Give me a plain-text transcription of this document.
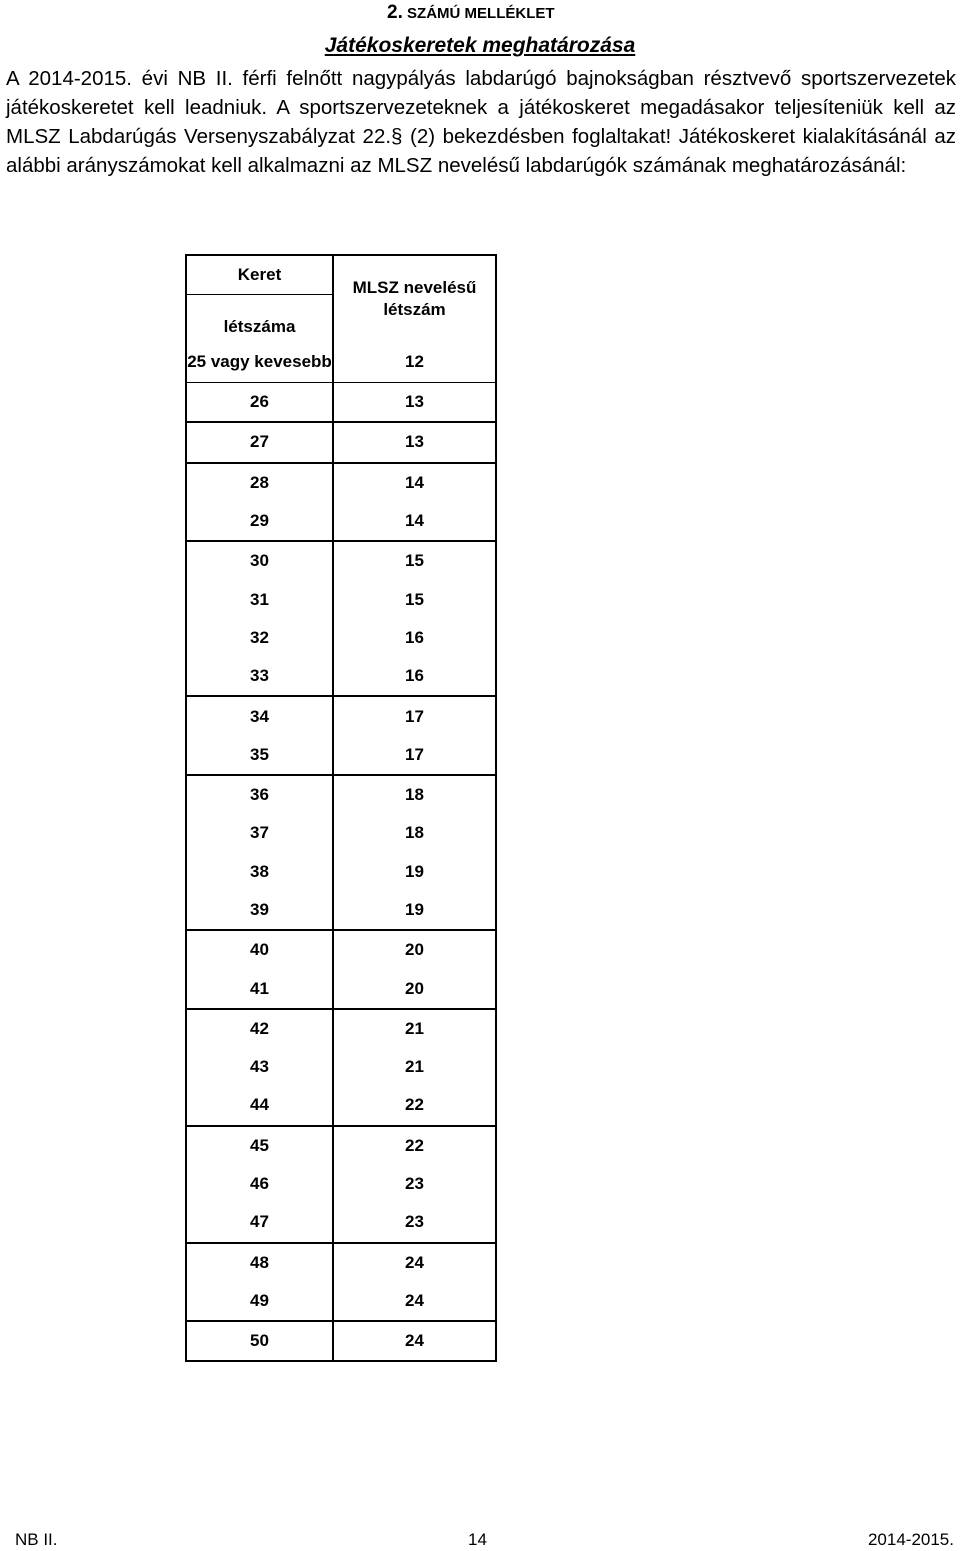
2. SZÁMÚ MELLÉKLET
Játékoskeretek meghatározása
A 2014-2015. évi NB II. férfi felnőtt nagypályás labdarúgó bajnokságban résztvevő sportszervezetek játékoskeretet kell leadniuk. A sportszervezeteknek a játékoskeret megadásakor teljesíteniük kell az MLSZ Labdarúgás Versenyszabályzat 22.§ (2) bekezdésben foglaltakat! Játékoskeret kialakításánál az alábbi arányszámokat kell alkalmazni az MLSZ nevelésű labdarúgók számának meghatározásánál:
Keret	MLSZ nevelésű létszám
létszáma	
25 vagy kevesebb	12
26	13
27	13
28	14
29	14
30	15
31	15
32	16
33	16
34	17
35	17
36	18
37	18
38	19
39	19
40	20
41	20
42	21
43	21
44	22
45	22
46	23
47	23
48	24
49	24
50	24
NB II.	14	2014-2015.
